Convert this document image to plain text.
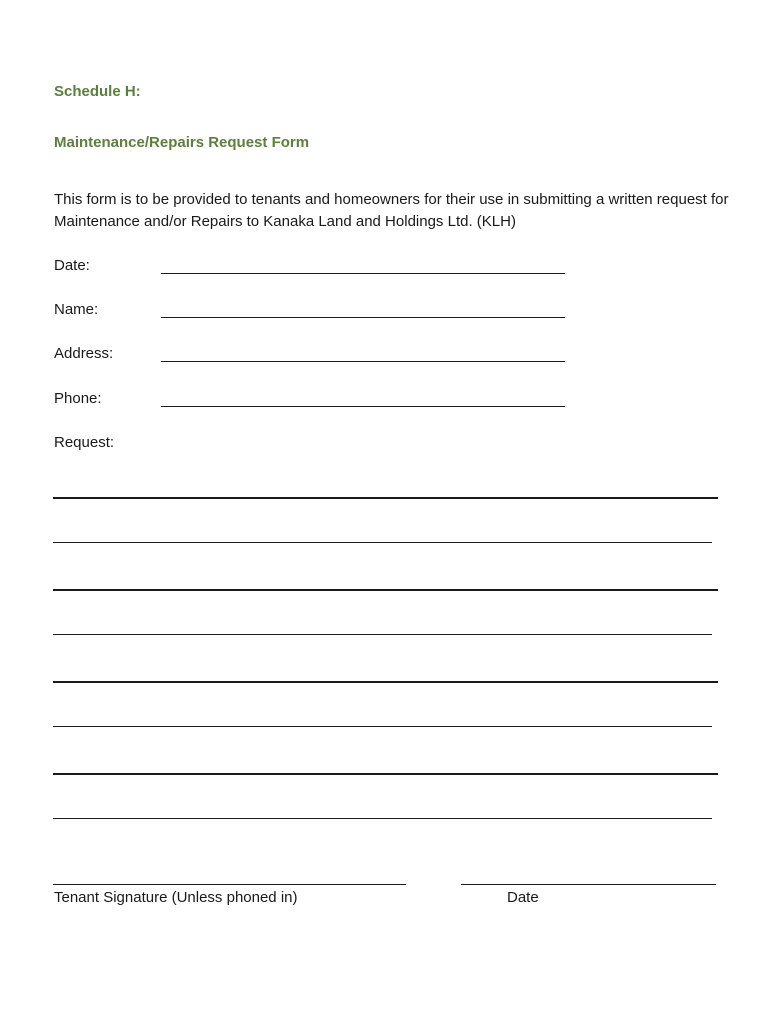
Schedule H:
Maintenance/Repairs Request Form

This form is to be provided to tenants and homeowners for their use in submitting a written request for Maintenance and/or Repairs to Kanaka Land and Holdings Ltd. (KLH)

Date:
Name:
Address:
Phone:
Request:
Tenant Signature (Unless phoned in)	Date
